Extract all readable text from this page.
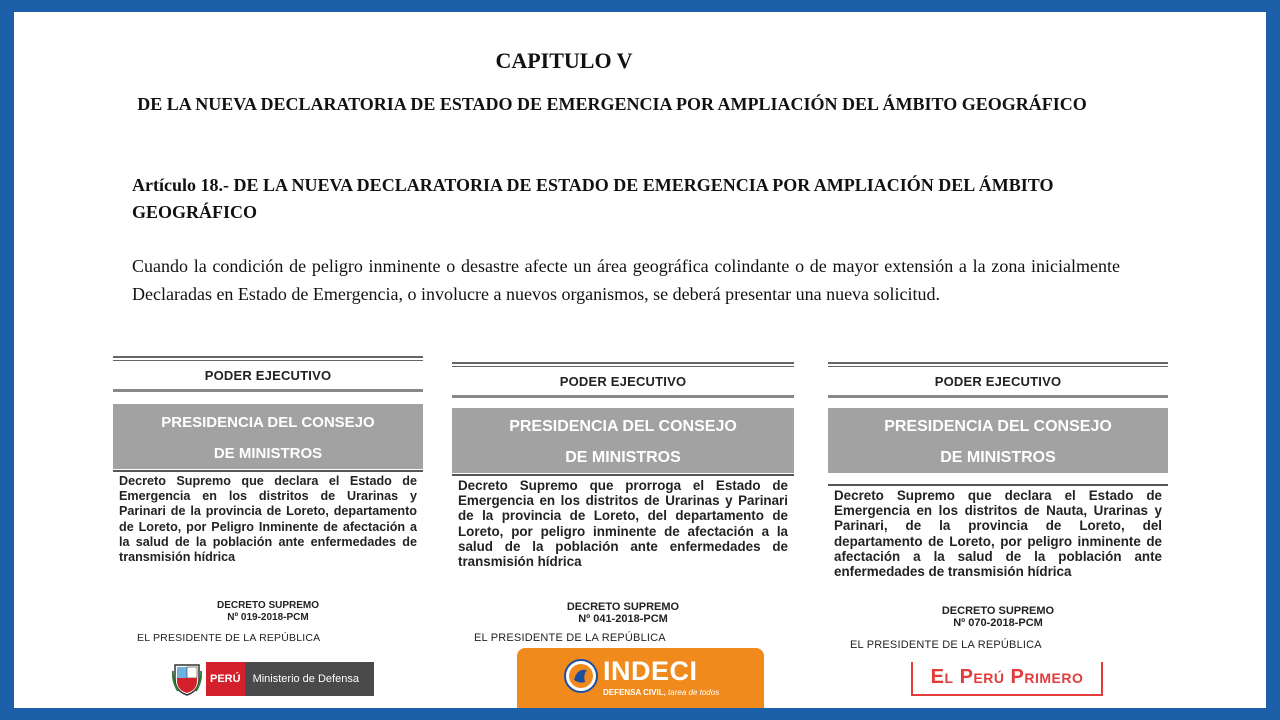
CAPITULO V
DE LA NUEVA DECLARATORIA DE ESTADO DE EMERGENCIA POR AMPLIACIÓN DEL ÁMBITO GEOGRÁFICO
Artículo 18.- DE LA NUEVA DECLARATORIA DE ESTADO DE EMERGENCIA POR AMPLIACIÓN DEL ÁMBITO GEOGRÁFICO
Cuando la condición de peligro inminente o desastre afecte un área geográfica colindante o de mayor extensión a la zona inicialmente Declaradas en Estado de Emergencia, o involucre a nuevos organismos, se deberá presentar una nueva solicitud.
PODER EJECUTIVO
PRESIDENCIA DEL CONSEJO
DE MINISTROS
Decreto Supremo que declara el Estado de Emergencia en los distritos de Urarinas y Parinari de la provincia de Loreto, departamento de Loreto, por Peligro Inminente de afectación a la salud de la población ante enfermedades de transmisión hídrica
DECRETO SUPREMO
Nº 019-2018-PCM
EL PRESIDENTE DE LA REPÚBLICA
PODER EJECUTIVO
PRESIDENCIA DEL CONSEJO
DE MINISTROS
Decreto Supremo que prorroga el Estado de Emergencia en los distritos de Urarinas y Parinari de la provincia de Loreto, del departamento de Loreto, por peligro inminente de afectación a la salud de la población ante enfermedades de transmisión hídrica
DECRETO SUPREMO
Nº 041-2018-PCM
EL PRESIDENTE DE LA REPÚBLICA
PODER EJECUTIVO
PRESIDENCIA DEL CONSEJO
DE MINISTROS
Decreto Supremo que declara el Estado de Emergencia en los distritos de Nauta, Urarinas y Parinari, de la provincia de Loreto, del departamento de Loreto, por peligro inminente de afectación a la salud de la población ante enfermedades de transmisión hídrica
DECRETO SUPREMO
Nº 070-2018-PCM
EL PRESIDENTE DE LA REPÚBLICA
PERÚ	Ministerio de Defensa	INDECI
DEFENSA CIVIL, tarea de todos
El Perú Primero
